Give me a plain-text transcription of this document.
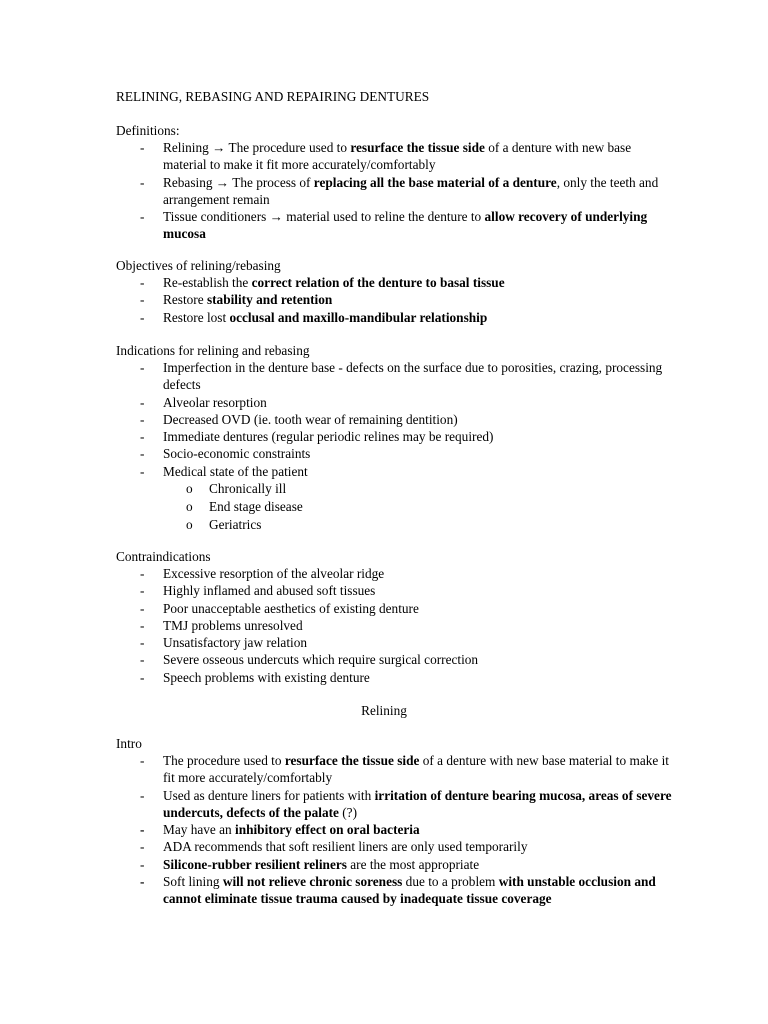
RELINING, REBASING AND REPAIRING DENTURES

Definitions:

- Relining → The procedure used to resurface the tissue side of a denture with new base material to make it fit more accurately/comfortably
- Rebasing → The process of replacing all the base material of a denture, only the teeth and arrangement remain
- Tissue conditioners → material used to reline the denture to allow recovery of underlying mucosa

Objectives of relining/rebasing

- Re-establish the correct relation of the denture to basal tissue
- Restore stability and retention
- Restore lost occlusal and maxillo-mandibular relationship

Indications for relining and rebasing

- Imperfection in the denture base - defects on the surface due to porosities, crazing, processing defects
- Alveolar resorption
- Decreased OVD (ie. tooth wear of remaining dentition)
- Immediate dentures (regular periodic relines may be required)
- Socio-economic constraints
- Medical state of the patient
o Chronically ill
o End stage disease
o Geriatrics

Contraindications

- Excessive resorption of the alveolar ridge
- Highly inflamed and abused soft tissues
- Poor unacceptable aesthetics of existing denture
- TMJ problems unresolved
- Unsatisfactory jaw relation
- Severe osseous undercuts which require surgical correction
- Speech problems with existing denture

Relining

Intro

- The procedure used to resurface the tissue side of a denture with new base material to make it fit more accurately/comfortably
- Used as denture liners for patients with irritation of denture bearing mucosa, areas of severe undercuts, defects of the palate (?)
- May have an inhibitory effect on oral bacteria
- ADA recommends that soft resilient liners are only used temporarily
- Silicone-rubber resilient reliners are the most appropriate
- Soft lining will not relieve chronic soreness due to a problem with unstable occlusion and cannot eliminate tissue trauma caused by inadequate tissue coverage
